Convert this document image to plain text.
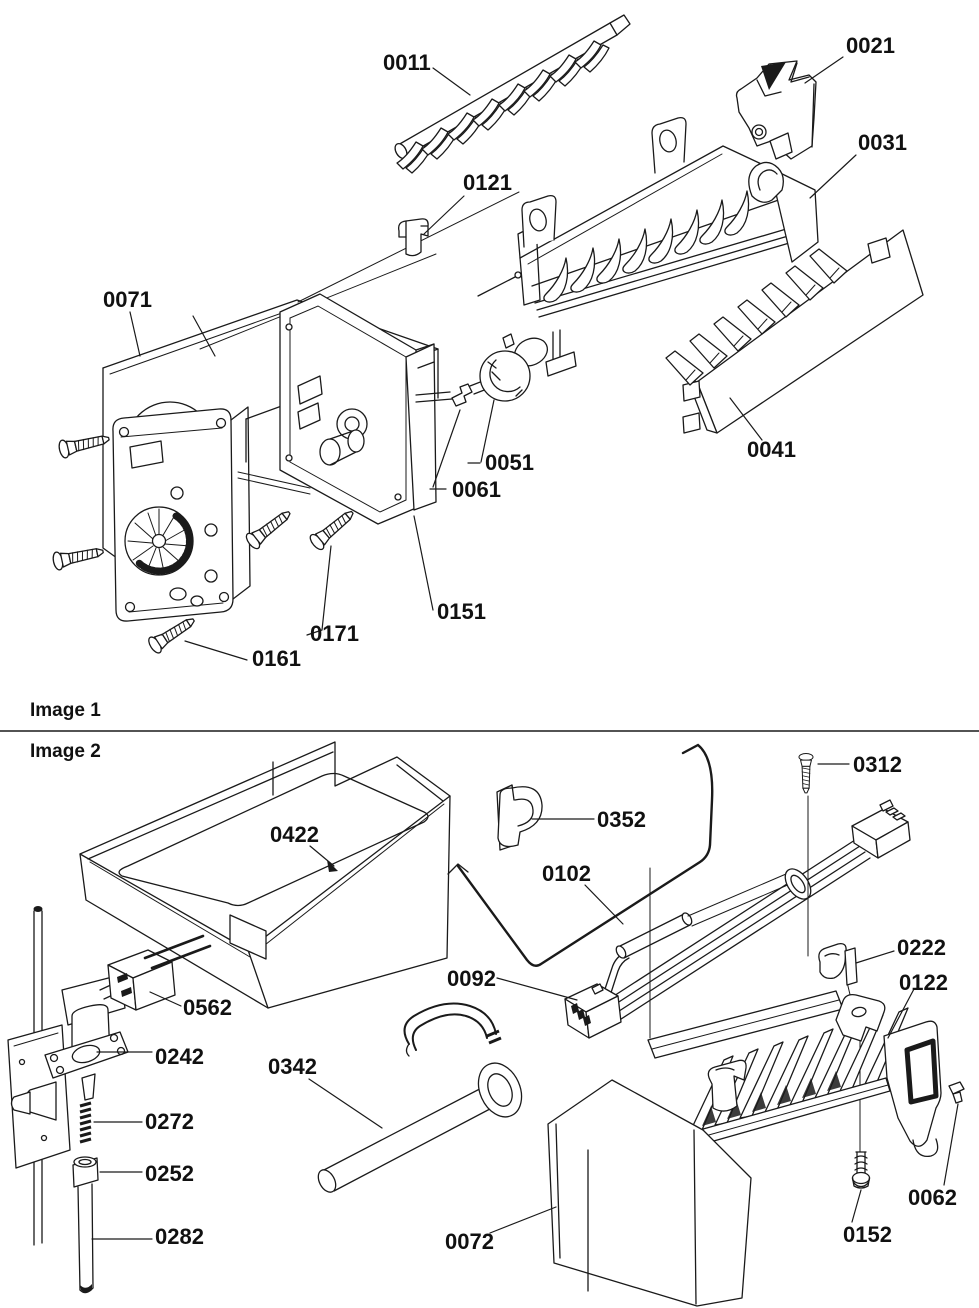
0011
0021
0031
0121
0071
0051
0061
0041
0151
0171
0161
Image 1
Image 2
0422
0352
0312
0102
0222
0092	0122
0562
0242	0342
0272
0252
0282	0072	0152
0062
